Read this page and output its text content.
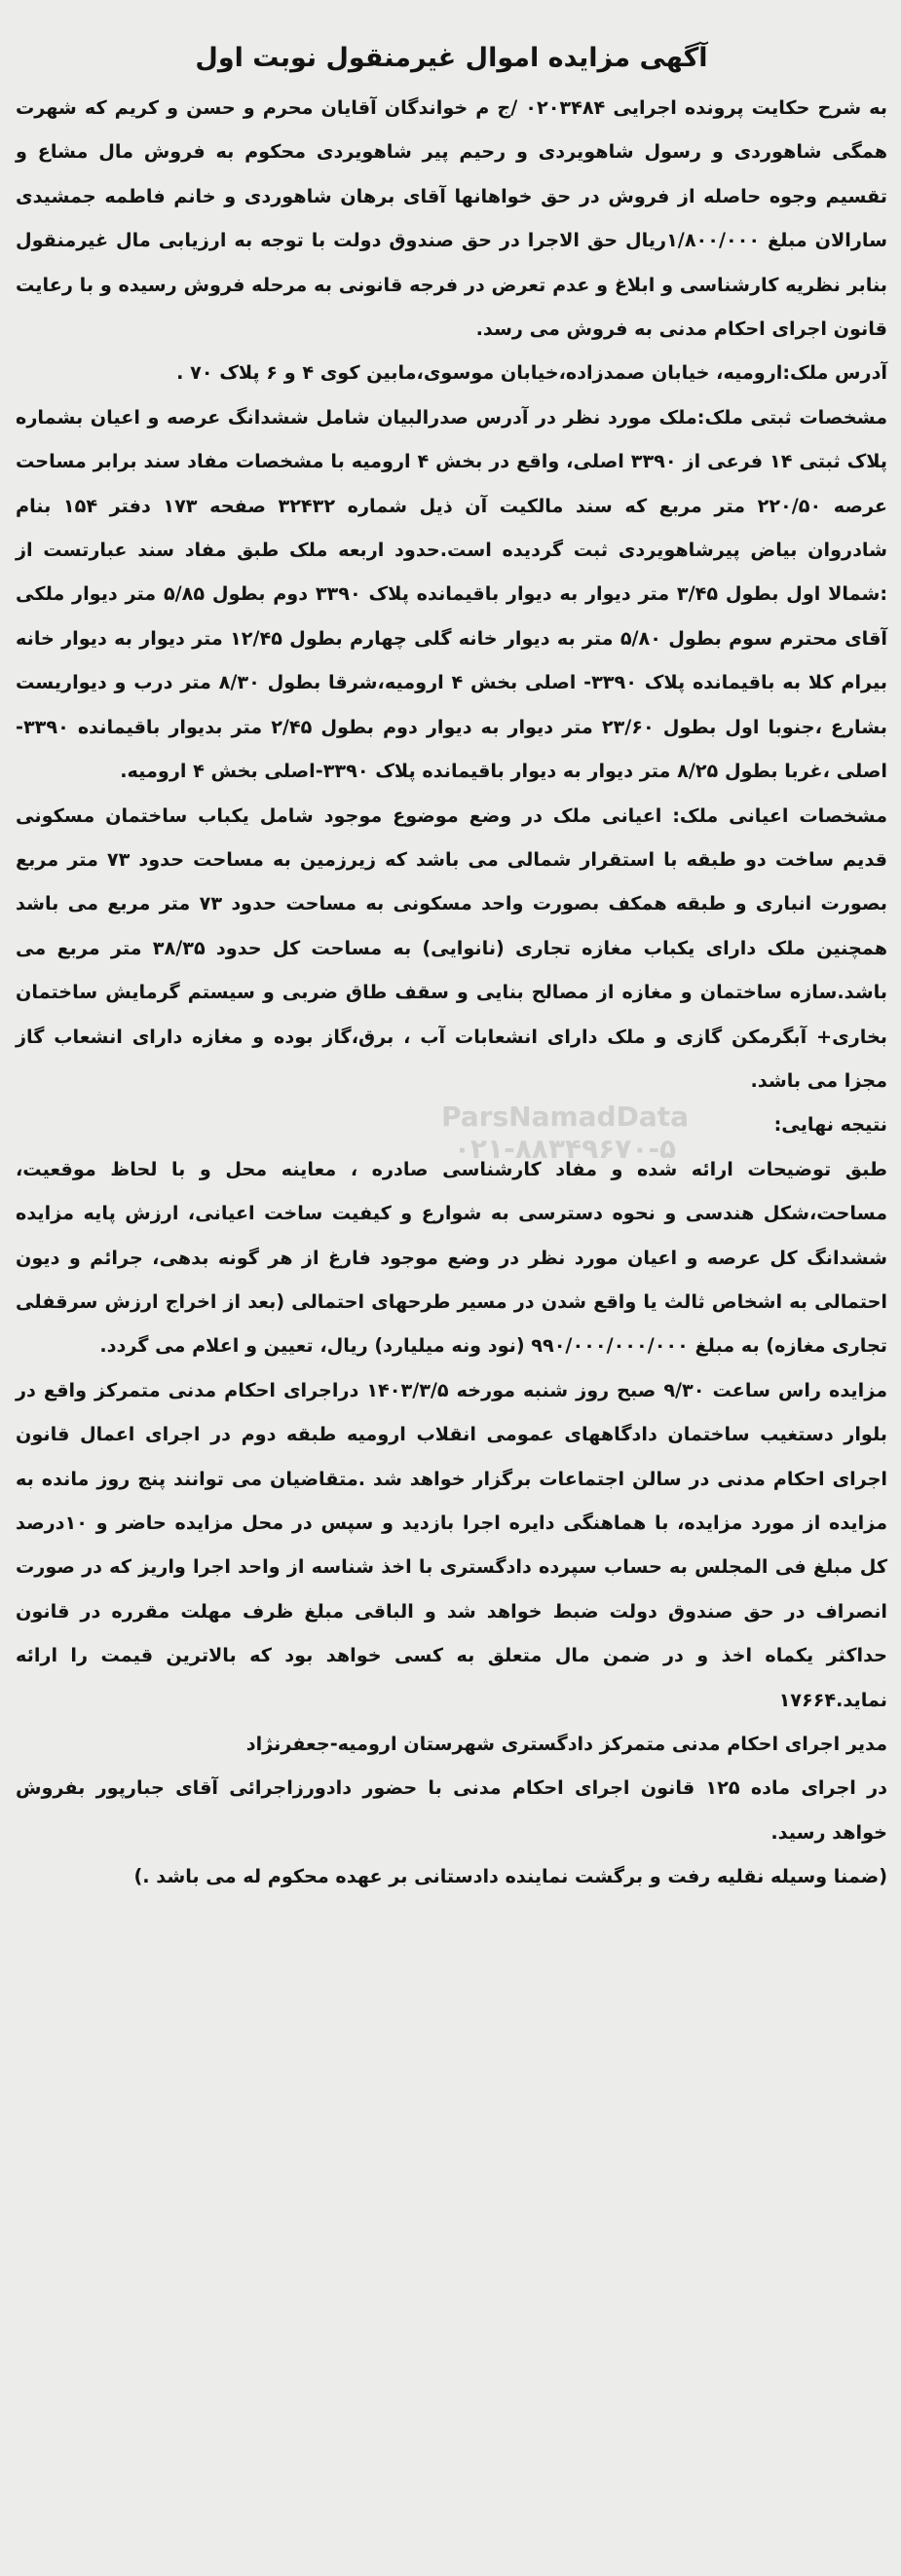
آگهی مزایده اموال غیرمنقول نوبت اول

به شرح حکایت پرونده اجرایی ۰۲۰۳۴۸۴ /ج م خواندگان آقایان محرم و حسن و کریم که شهرت همگی شاهوردی و رسول شاهویردی و رحیم پیر شاهویردی محکوم به فروش مال مشاع و تقسیم وجوه حاصله از فروش در حق خواهانها آقای برهان شاهوردی و خانم فاطمه جمشیدی سارالان مبلغ ۱/۸۰۰/۰۰۰ریال حق الاجرا در حق صندوق دولت با توجه به ارزیابی مال غیرمنقول بنابر نظریه کارشناسی و ابلاغ و عدم تعرض در فرجه قانونی به مرحله فروش رسیده و با رعایت قانون اجرای احکام مدنی به فروش می رسد.

آدرس ملک:ارومیه، خیابان صمدزاده،خیابان موسوی،مابین کوی ۴ و ۶ پلاک ۷۰ .

مشخصات ثبتی ملک:ملک مورد نظر در آدرس صدرالبیان شامل ششدانگ عرصه و اعیان بشماره پلاک ثبتی ۱۴ فرعی از ۳۳۹۰ اصلی، واقع در بخش ۴ ارومیه با مشخصات مفاد سند برابر مساحت عرصه ۲۲۰/۵۰ متر مربع که سند مالکیت آن ذیل شماره ۳۲۴۳۲ صفحه ۱۷۳ دفتر ۱۵۴ بنام شادروان بیاض پیرشاهویردی ثبت گردیده است.حدود اربعه ملک طبق مفاد سند عبارتست از :شمالا اول بطول ۳/۴۵ متر دیوار به دیوار باقیمانده پلاک ۳۳۹۰ دوم بطول ۵/۸۵ متر دیوار ملکی آقای محترم سوم بطول ۵/۸۰ متر به دیوار خانه گلی چهارم بطول ۱۲/۴۵ متر دیوار به دیوار خانه بیرام کلا به باقیمانده پلاک ۳۳۹۰- اصلی بخش ۴ ارومیه،شرقا بطول ۸/۳۰ متر درب و دیواریست بشارع ،جنوبا اول بطول ۲۳/۶۰ متر دیوار به دیوار دوم بطول ۲/۴۵ متر بدیوار باقیمانده ۳۳۹۰-اصلی ،غربا بطول ۸/۲۵ متر دیوار به دیوار باقیمانده پلاک ۳۳۹۰-اصلی بخش ۴ ارومیه.

مشخصات اعیانی ملک: اعیانی ملک در وضع موضوع موجود شامل یکباب ساختمان مسکونی قدیم ساخت دو طبقه با استقرار شمالی می باشد که زیرزمین به مساحت حدود ۷۳ متر مربع بصورت انباری و طبقه همکف بصورت واحد مسکونی به مساحت حدود ۷۳ متر مربع می باشد همچنین ملک دارای یکباب مغازه تجاری (نانوایی) به مساحت کل حدود ۳۸/۳۵ متر مربع می باشد.سازه ساختمان و مغازه از مصالح بنایی و سقف طاق ضربی و سیستم گرمایش ساختمان بخاری+ آبگرمکن گازی و ملک دارای انشعابات آب ، برق،گاز بوده و مغازه دارای انشعاب گاز مجزا می باشد.

نتیجه نهایی:

طبق توضیحات ارائه شده و مفاد کارشناسی صادره ، معاینه محل و با لحاظ موقعیت، مساحت،شکل هندسی و نحوه دسترسی به شوارع و کیفیت ساخت اعیانی، ارزش پایه مزایده ششدانگ کل عرصه و اعیان مورد نظر در وضع موجود فارغ از هر گونه بدهی، جرائم و دیون احتمالی به اشخاص ثالث یا واقع شدن در مسیر طرحهای احتمالی (بعد از اخراج ارزش سرقفلی تجاری مغازه) به مبلغ ۹۹۰/۰۰۰/۰۰۰/۰۰۰ (نود ونه میلیارد) ریال، تعیین و اعلام می گردد.

مزایده راس ساعت ۹/۳۰ صبح روز شنبه مورخه ۱۴۰۳/۳/۵ دراجرای احکام مدنی متمرکز واقع در بلوار دستغیب ساختمان دادگاههای عمومی انقلاب ارومیه طبقه دوم در اجرای اعمال قانون اجرای احکام مدنی در سالن اجتماعات برگزار خواهد شد .متقاضیان می توانند پنج روز مانده به مزایده از مورد مزایده، با هماهنگی دایره اجرا بازدید و سپس در محل مزایده حاضر و ۱۰درصد کل مبلغ فی المجلس به حساب سپرده دادگستری با اخذ شناسه از واحد اجرا واریز که در صورت انصراف در حق صندوق دولت ضبط خواهد شد و الباقی مبلغ ظرف مهلت مقرره در قانون حداکثر یکماه اخذ و در ضمن مال متعلق به کسی خواهد بود که بالاترین قیمت را ارائه نماید.۱۷۶۶۴

مدیر اجرای احکام مدنی متمرکز دادگستری شهرستان ارومیه-جعفرنژاد

در اجرای ماده ۱۲۵ قانون اجرای احکام مدنی با حضور دادورزاجرائی آقای جبارپور بفروش خواهد رسید.

(ضمنا وسیله نقلیه رفت و برگشت نماینده دادستانی بر عهده محکوم له می باشد .)

ParsNamadData
۰۲۱-۸۸۳۴۹۶۷۰-۵
